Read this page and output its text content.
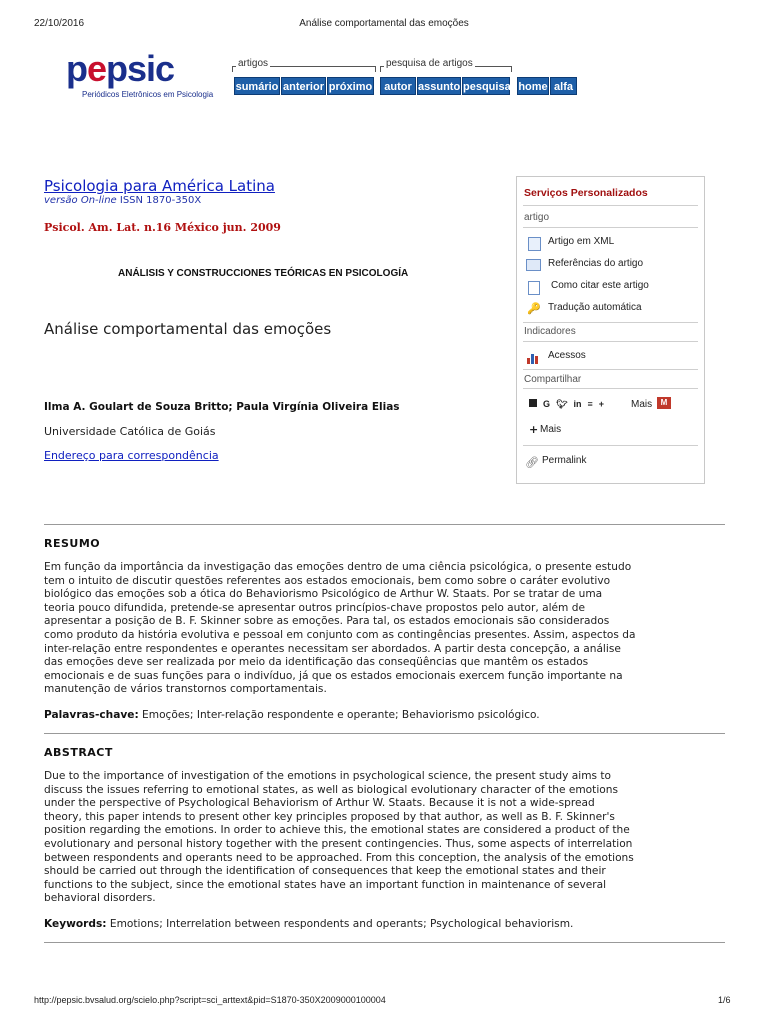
22/10/2016	Análise comportamental das emoções
pepsic
Periódicos Eletrônicos em Psicologia
artigos	pesquisa de artigos
sumário anterior próximo	autor assunto pesquisa home alfa
Psicologia para América Latina
versão On-line ISSN 1870-350X
Psicol. Am. Lat. n.16 México jun. 2009
ANÁLISIS Y CONSTRUCCIONES TEÓRICAS EN PSICOLOGÍA
Análise comportamental das emoções
Ilma A. Goulart de Souza Britto; Paula Virgínia Oliveira Elias
Universidade Católica de Goiás
Endereço para correspondência
Serviços Personalizados
artigo
Artigo em XML
Referências do artigo
Como citar este artigo
🔑 Tradução automática
Indicadores
Acessos
Compartilhar
G 🐦︎ in ≡ +	Mais	M
+ Mais
🔗︎ Permalink
RESUMO
Em função da importância da investigação das emoções dentro de uma ciência psicológica, o presente estudo
tem o intuito de discutir questões referentes aos estados emocionais, bem como sobre o caráter evolutivo
biológico das emoções sob a ótica do Behaviorismo Psicológico de Arthur W. Staats. Por se tratar de uma
teoria pouco difundida, pretende-se apresentar outros princípios-chave propostos pelo autor, além de
apresentar a posição de B. F. Skinner sobre as emoções. Para tal, os estados emocionais são considerados
como produto da história evolutiva e pessoal em conjunto com as contingências presentes. Assim, aspectos da
inter-relação entre respondentes e operantes necessitam ser abordados. A partir desta concepção, a análise
das emoções deve ser realizada por meio da identificação das conseqüências que mantêm os estados
emocionais e de suas funções para o indivíduo, já que os estados emocionais exercem função importante na
manutenção de vários transtornos comportamentais.
Palavras-chave: Emoções; Inter-relação respondente e operante; Behaviorismo psicológico.
ABSTRACT
Due to the importance of investigation of the emotions in psychological science, the present study aims to
discuss the issues referring to emotional states, as well as biological evolutionary character of the emotions
under the perspective of Psychological Behaviorism of Arthur W. Staats. Because it is not a wide-spread
theory, this paper intends to present other key principles proposed by that author, as well as B. F. Skinner's
position regarding the emotions. In order to achieve this, the emotional states are considered a product of the
evolutionary and personal history together with the present contingencies. Thus, some aspects of interrelation
between respondents and operants need to be approached. From this conception, the analysis of the emotions
should be carried out through the identification of consequences that keep the emotional states and their
functions to the subject, since the emotional states have an important function in maintenance of several
behavioral disorders.
Keywords: Emotions; Interrelation between respondents and operants; Psychological behaviorism.
http://pepsic.bvsalud.org/scielo.php?script=sci_arttext&pid=S1870-350X2009000100004	1/6
